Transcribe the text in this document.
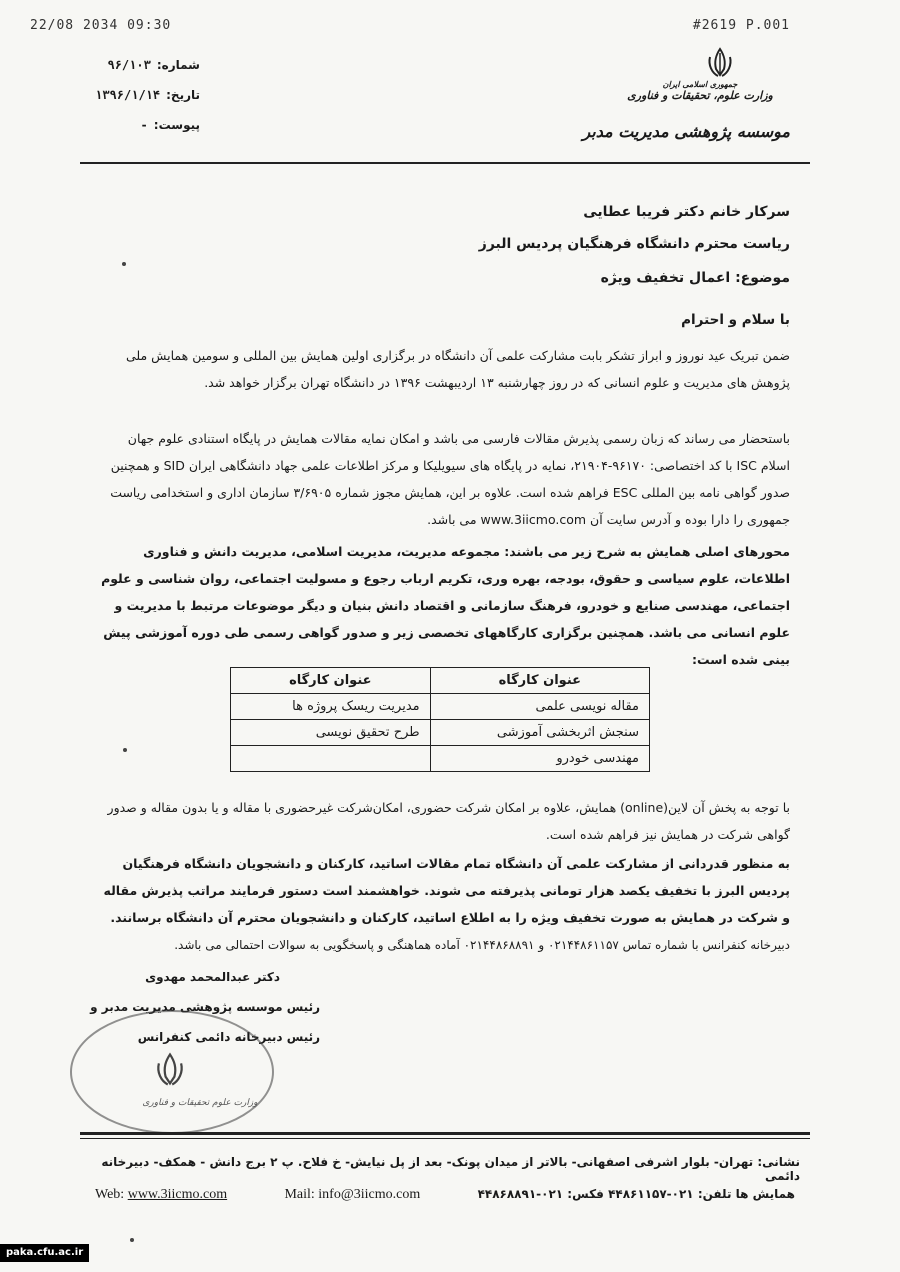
22/08 2034 09:30	#2619 P.001
شماره:۹۶/۱۰۳
تاریخ:۱۳۹۶/۱/۱۴
پیوست:-
جمهوری اسلامی ایران
وزارت علوم، تحقیقات و فناوری
موسسه پژوهشی مدیریت مدبر

سرکار خانم دکتر فریبا عطایی

ریاست محترم دانشگاه فرهنگیان پردیس البرز

موضوع: اعمال تخفیف ویژه
با سلام و احترام

ضمن تبریک عید نوروز و ابراز تشکر بابت مشارکت علمی آن دانشگاه در برگزاری اولین همایش بین المللی و سومین همایش ملی پژوهش های مدیریت و علوم انسانی که در روز چهارشنبه ۱۳ اردیبهشت ۱۳۹۶ در دانشگاه تهران برگزار خواهد شد.

باستحضار می رساند که زبان رسمی پذیرش مقالات فارسی می باشد و امکان نمایه مقالات همایش در پایگاه استنادی علوم جهان اسلام ISC با کد اختصاصی: ۹۶۱۷۰-۲۱۹۰۴، نمایه در پایگاه های سیویلیکا و مرکز اطلاعات علمی جهاد دانشگاهی ایران SID و همچنین صدور گواهی نامه بین المللی ESC فراهم شده است. علاوه بر این، همایش مجوز شماره ۳/۶۹۰۵ سازمان اداری و استخدامی ریاست جمهوری را دارا بوده و آدرس سایت آن www.3iicmo.com می باشد.

محورهای اصلی همایش به شرح زیر می باشند: مجموعه مدیریت، مدیریت اسلامی، مدیریت دانش و فناوری اطلاعات، علوم سیاسی و حقوق، بودجه، بهره وری، تکریم ارباب رجوع و مسولیت اجتماعی، روان شناسی و علوم اجتماعی، مهندسی صنایع و خودرو، فرهنگ سازمانی و اقتصاد دانش بنیان و دیگر موضوعات مرتبط با مدیریت و علوم انسانی می باشد. همچنین برگزاری کارگاههای تخصصی زیر و صدور گواهی رسمی طی دوره آموزشی پیش بینی شده است:

عنوان کارگاه	عنوان کارگاه
مقاله نویسی علمی	مدیریت ریسک پروژه ها
سنجش اثربخشی آموزشی	طرح تحقیق نویسی
مهندسی خودرو	

با توجه به پخش آن لاین(online) همایش، علاوه بر امکان شرکت حضوری، امکان‌شرکت غیرحضوری با مقاله و یا بدون مقاله و صدور گواهی شرکت در همایش نیز فراهم شده است.

به منظور قدردانی از مشارکت علمی آن دانشگاه تمام مقالات اساتید، کارکنان و دانشجویان دانشگاه فرهنگیان پردیس البرز با تخفیف یکصد هزار تومانی پذیرفته می شوند. خواهشمند است دستور فرمایند مراتب پذیرش مقاله و شرکت در همایش به صورت تخفیف ویژه را به اطلاع اساتید، کارکنان و دانشجویان محترم آن دانشگاه برسانند.

دبیرخانه کنفرانس با شماره تماس ۰۲۱۴۴۸۶۱۱۵۷ و ۰۲۱۴۴۸۶۸۸۹۱ آماده هماهنگی و پاسخگویی به سوالات احتمالی می باشد.

دکتر عبدالمحمد مهدوی
رئیس موسسه پژوهشی مدیریت مدبر و
رئیس دبیرخانه دائمی کنفرانس
وزارت علوم تحقیقات و فناوری
نشانی: تهران- بلوار اشرفی اصفهانی- بالاتر از میدان پونک- بعد از پل نیایش- خ فلاح. پ ۲ برج دانش - همکف- دبیرخانه دائمی
Web: www.3iicmo.com	Mail: info@3iicmo.com	همایش ها تلفن: ۰۲۱-۴۴۸۶۱۱۵۷ فکس: ۰۲۱-۴۴۸۶۸۸۹۱
paka.cfu.ac.ir
